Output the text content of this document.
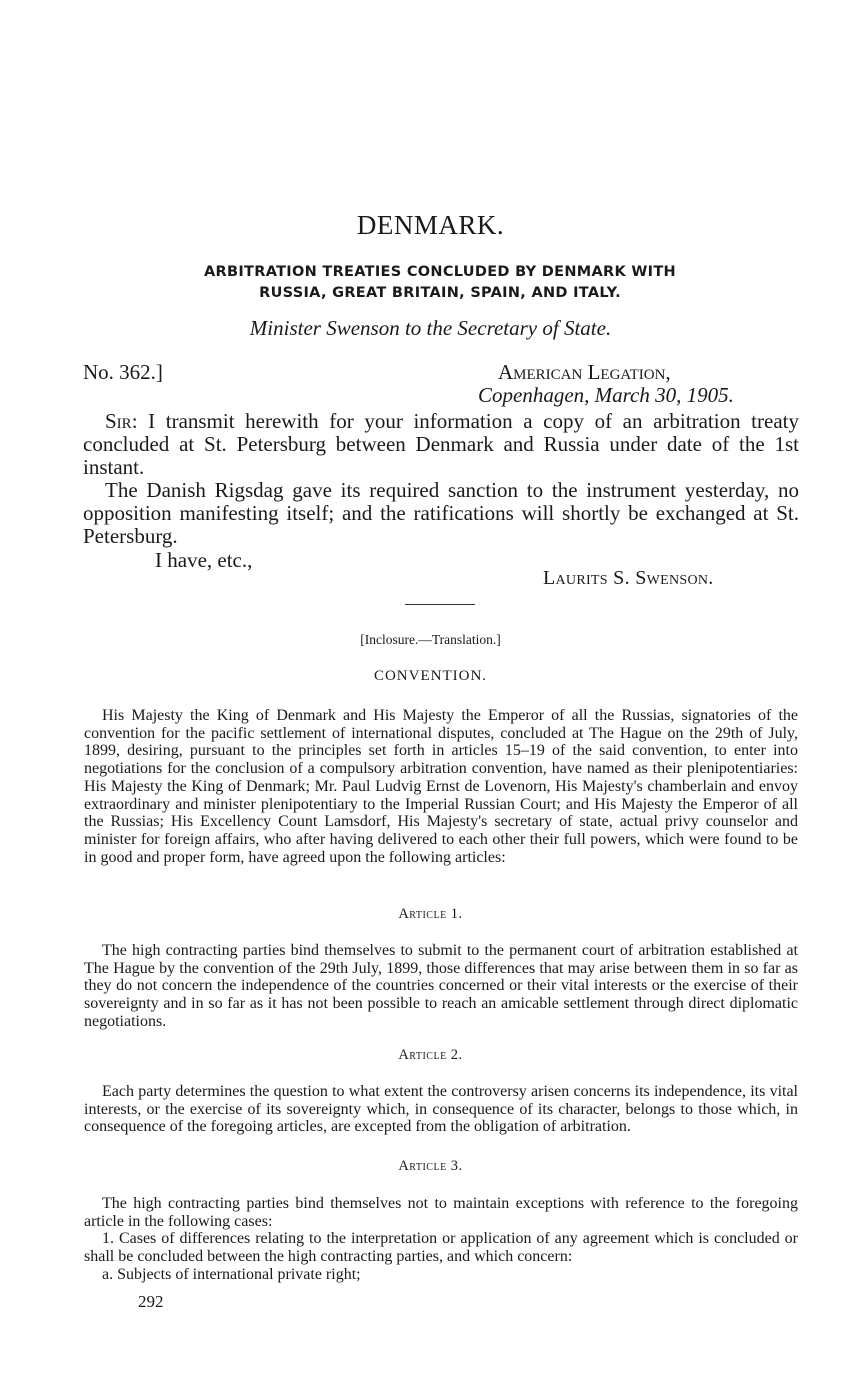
DENMARK.
ARBITRATION TREATIES CONCLUDED BY DENMARK WITH
RUSSIA, GREAT BRITAIN, SPAIN, AND ITALY.
Minister Swenson to the Secretary of State.
No. 362.]	American Legation,
Copenhagen, March 30, 1905.

Sir: I transmit herewith for your information a copy of an arbitration treaty concluded at St. Petersburg between Denmark and Russia under date of the 1st instant.

The Danish Rigsdag gave its required sanction to the instrument yesterday, no opposition manifesting itself; and the ratifications will shortly be exchanged at St. Petersburg.

I have, etc.,
Laurits S. Swenson.
[Inclosure.—Translation.]
CONVENTION.

His Majesty the King of Denmark and His Majesty the Emperor of all the Russias, signatories of the convention for the pacific settlement of international disputes, concluded at The Hague on the 29th of July, 1899, desiring, pursuant to the principles set forth in articles 15–19 of the said convention, to enter into negotiations for the conclusion of a compulsory arbitration convention, have named as their plenipotentiaries: His Majesty the King of Denmark; Mr. Paul Ludvig Ernst de Lovenorn, His Majesty's chamberlain and envoy extraordinary and minister plenipotentiary to the Imperial Russian Court; and His Majesty the Emperor of all the Russias; His Excellency Count Lamsdorf, His Majesty's secretary of state, actual privy counselor and minister for foreign affairs, who after having delivered to each other their full powers, which were found to be in good and proper form, have agreed upon the following articles:

Article 1.

The high contracting parties bind themselves to submit to the permanent court of arbitration established at The Hague by the convention of the 29th July, 1899, those differences that may arise between them in so far as they do not concern the independence of the countries concerned or their vital interests or the exercise of their sovereignty and in so far as it has not been possible to reach an amicable settlement through direct diplomatic negotiations.

Article 2.

Each party determines the question to what extent the controversy arisen concerns its independence, its vital interests, or the exercise of its sovereignty which, in consequence of its character, belongs to those which, in consequence of the foregoing articles, are excepted from the obligation of arbitration.

Article 3.

The high contracting parties bind themselves not to maintain exceptions with reference to the foregoing article in the following cases:

1. Cases of differences relating to the interpretation or application of any agreement which is concluded or shall be concluded between the high contracting parties, and which concern:

a. Subjects of international private right;

292
